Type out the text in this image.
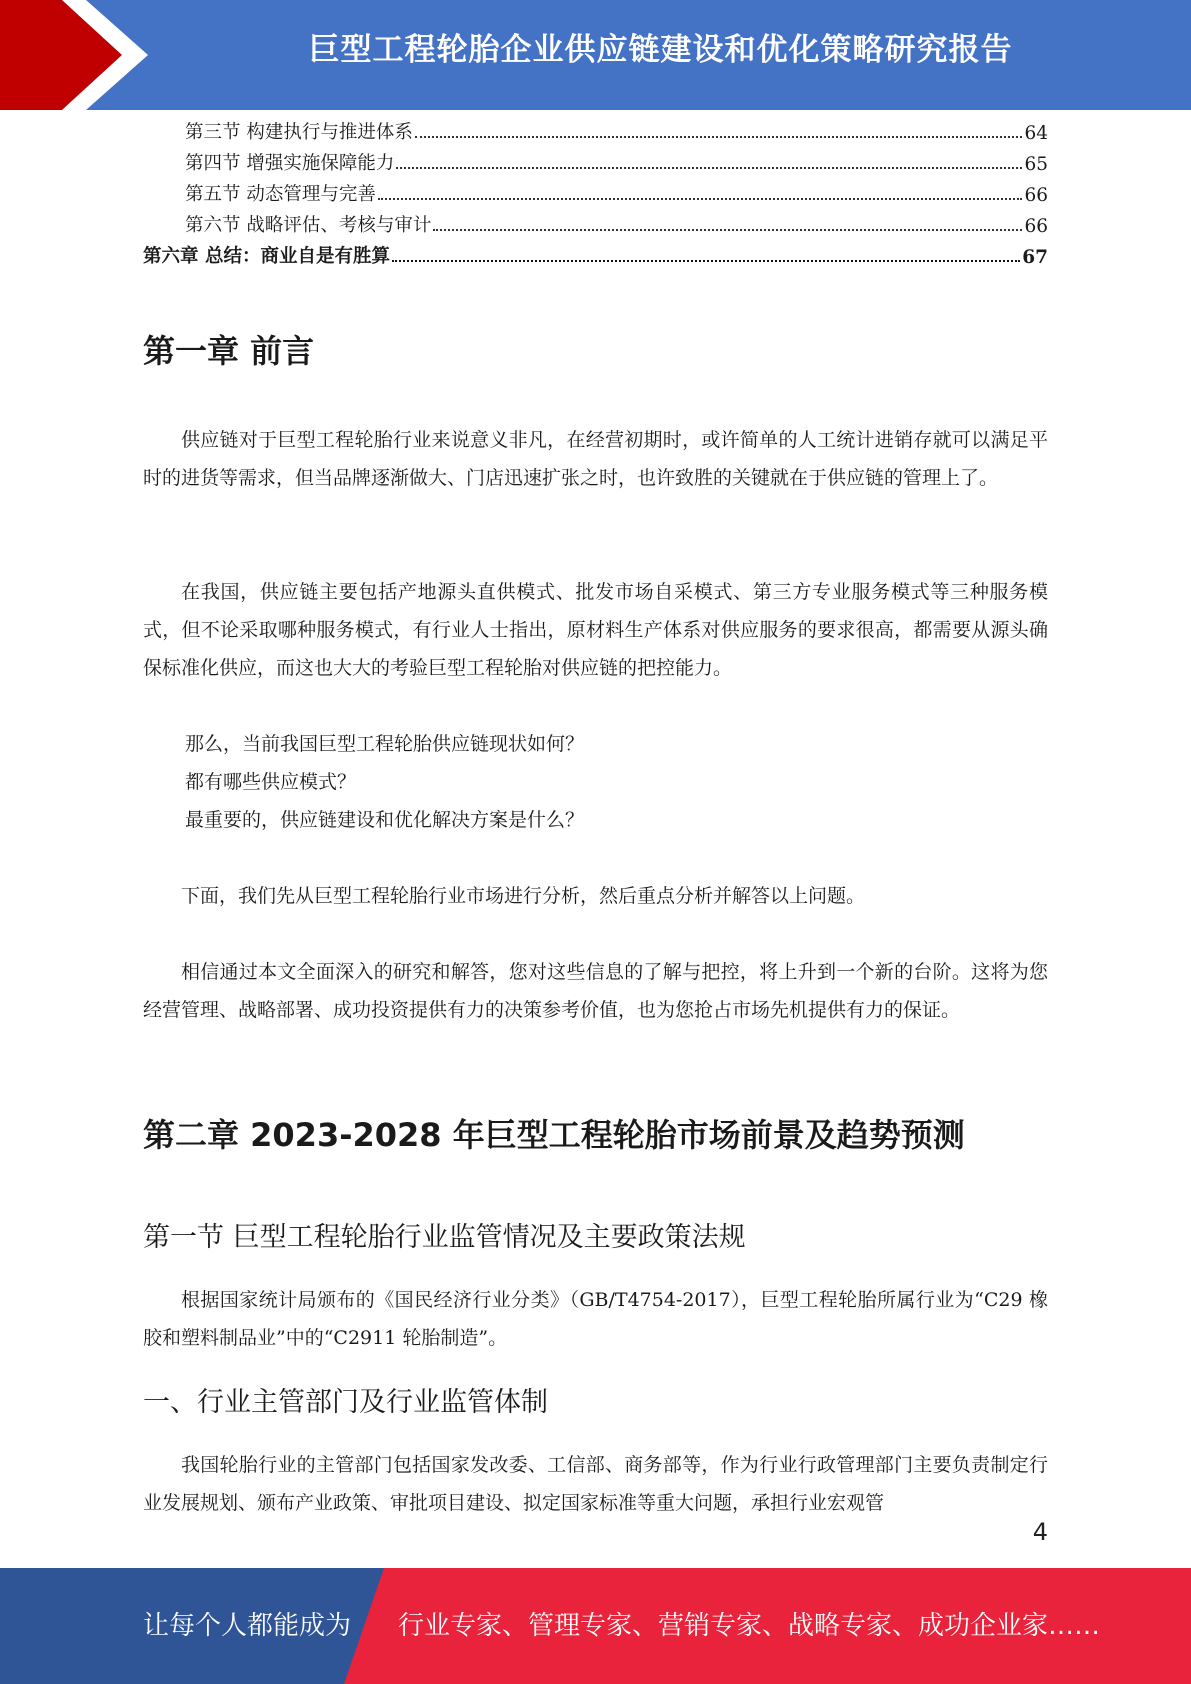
巨型工程轮胎企业供应链建设和优化策略研究报告
第三节 构建执行与推进体系	64
第四节 增强实施保障能力	65
第五节 动态管理与完善	66
第六节 战略评估、考核与审计	66
第六章 总结：商业自是有胜算	67
第一章 前言

供应链对于巨型工程轮胎行业来说意义非凡，在经营初期时，或许简单的人工统计进销存就可以满足平时的进货等需求，但当品牌逐渐做大、门店迅速扩张之时，也许致胜的关键就在于供应链的管理上了。

在我国，供应链主要包括产地源头直供模式、批发市场自采模式、第三方专业服务模式等三种服务模式，但不论采取哪种服务模式，有行业人士指出，原材料生产体系对供应服务的要求很高，都需要从源头确保标准化供应，而这也大大的考验巨型工程轮胎对供应链的把控能力。

那么，当前我国巨型工程轮胎供应链现状如何？
都有哪些供应模式？
最重要的，供应链建设和优化解决方案是什么？

下面，我们先从巨型工程轮胎行业市场进行分析，然后重点分析并解答以上问题。

相信通过本文全面深入的研究和解答，您对这些信息的了解与把控，将上升到一个新的台阶。这将为您经营管理、战略部署、成功投资提供有力的决策参考价值，也为您抢占市场先机提供有力的保证。

第二章 2023-2028 年巨型工程轮胎市场前景及趋势预测
第一节 巨型工程轮胎行业监管情况及主要政策法规

根据国家统计局颁布的《国民经济行业分类》（GB/T4754-2017），巨型工程轮胎所属行业为“C29 橡胶和塑料制品业”中的“C2911 轮胎制造”。

一、行业主管部门及行业监管体制

我国轮胎行业的主管部门包括国家发改委、工信部、商务部等，作为行业行政管理部门主要负责制定行业发展规划、颁布产业政策、审批项目建设、拟定国家标准等重大问题，承担行业宏观管

4
让每个人都能成为 行业专家、管理专家、营销专家、战略专家、成功企业家……
